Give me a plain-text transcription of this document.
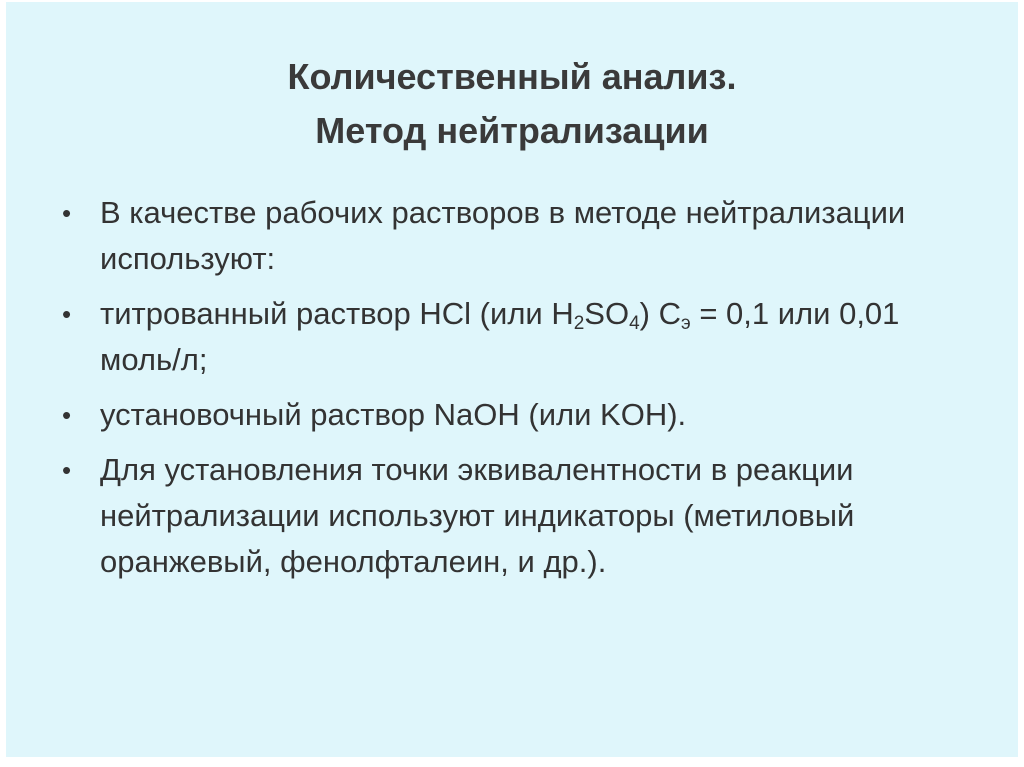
Количественный анализ.
Метод нейтрализации
• В качестве рабочих растворов в методе нейтрализации используют:
• титрованный раствор HCl (или $H_2SO_4$) $С_э = 0,1$ или 0,01 моль/л;
• установочный раствор NaOH (или KOH).
• Для установления точки эквивалентности в реакции нейтрализации используют индикаторы (метиловый оранжевый, фенолфталеин, и др.).
